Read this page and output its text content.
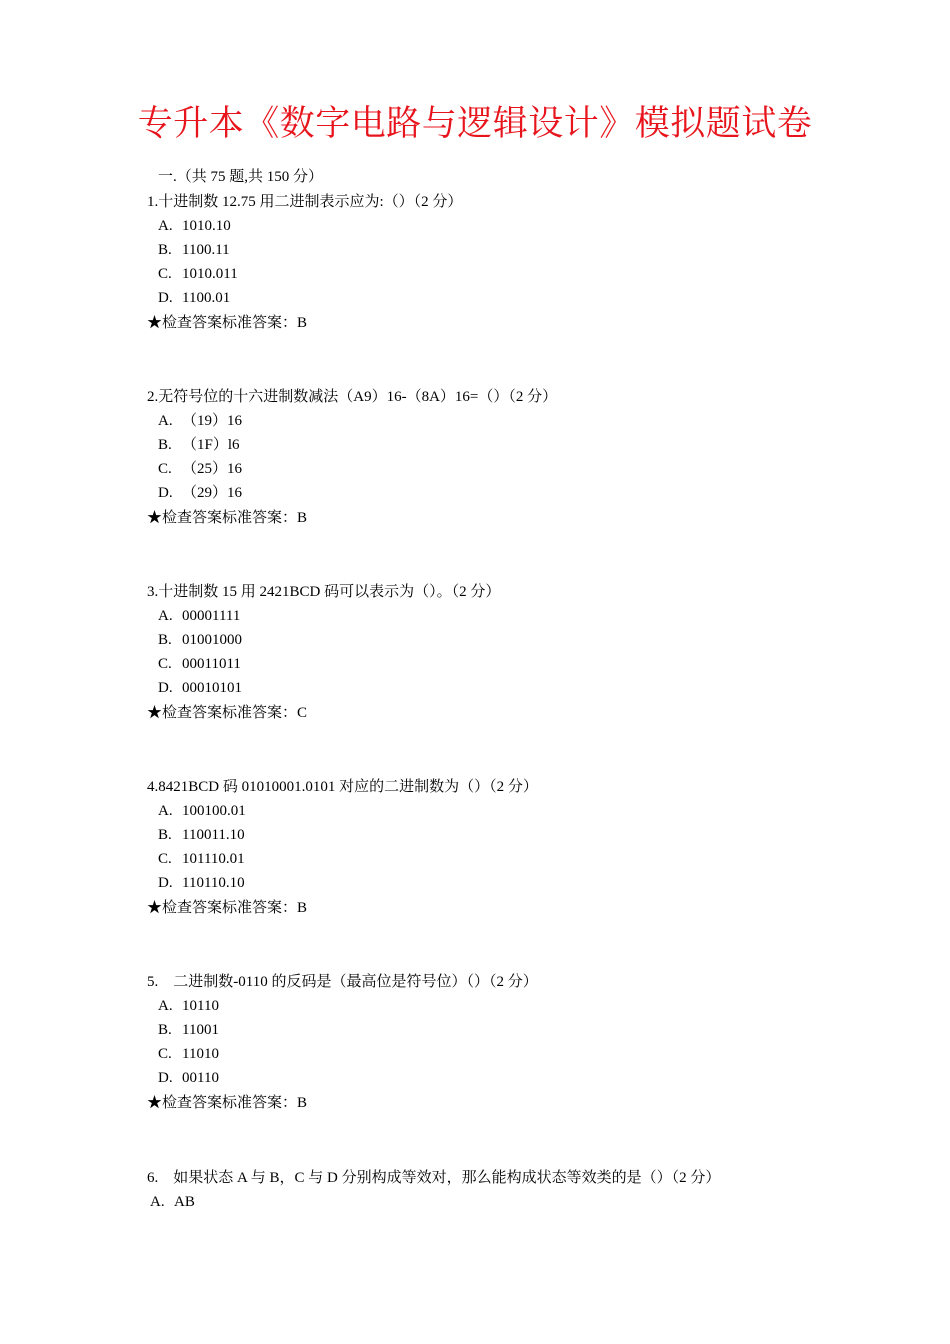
专升本《数字电路与逻辑设计》模拟题试卷
一.（共 75 题,共 150 分）
1.十进制数 12.75 用二进制表示应为:（）（2 分）
A. 1010.10
B. 1100.11
C. 1010.011
D. 1100.01
★检查答案标准答案：B
2.无符号位的十六进制数减法（A9）16-（8A）16=（）（2 分）
A. （19）16
B. （1F）l6
C. （25）16
D. （29）16
★检查答案标准答案：B
3.十进制数 15 用 2421BCD 码可以表示为（）。（2 分）
A. 00001111
B. 01001000
C. 00011011
D. 00010101
★检查答案标准答案：C
4.8421BCD 码 01010001.0101 对应的二进制数为（）（2 分）
A. 100100.01
B. 110011.10
C. 101110.01
D. 110110.10
★检查答案标准答案：B
5.　二进制数-0110 的反码是（最高位是符号位）（）（2 分）
A. 10110
B. 11001
C. 11010
D. 00110
★检查答案标准答案：B
6.　如果状态 A 与 B，C 与 D 分别构成等效对，那么能构成状态等效类的是（）（2 分）
A. AB
